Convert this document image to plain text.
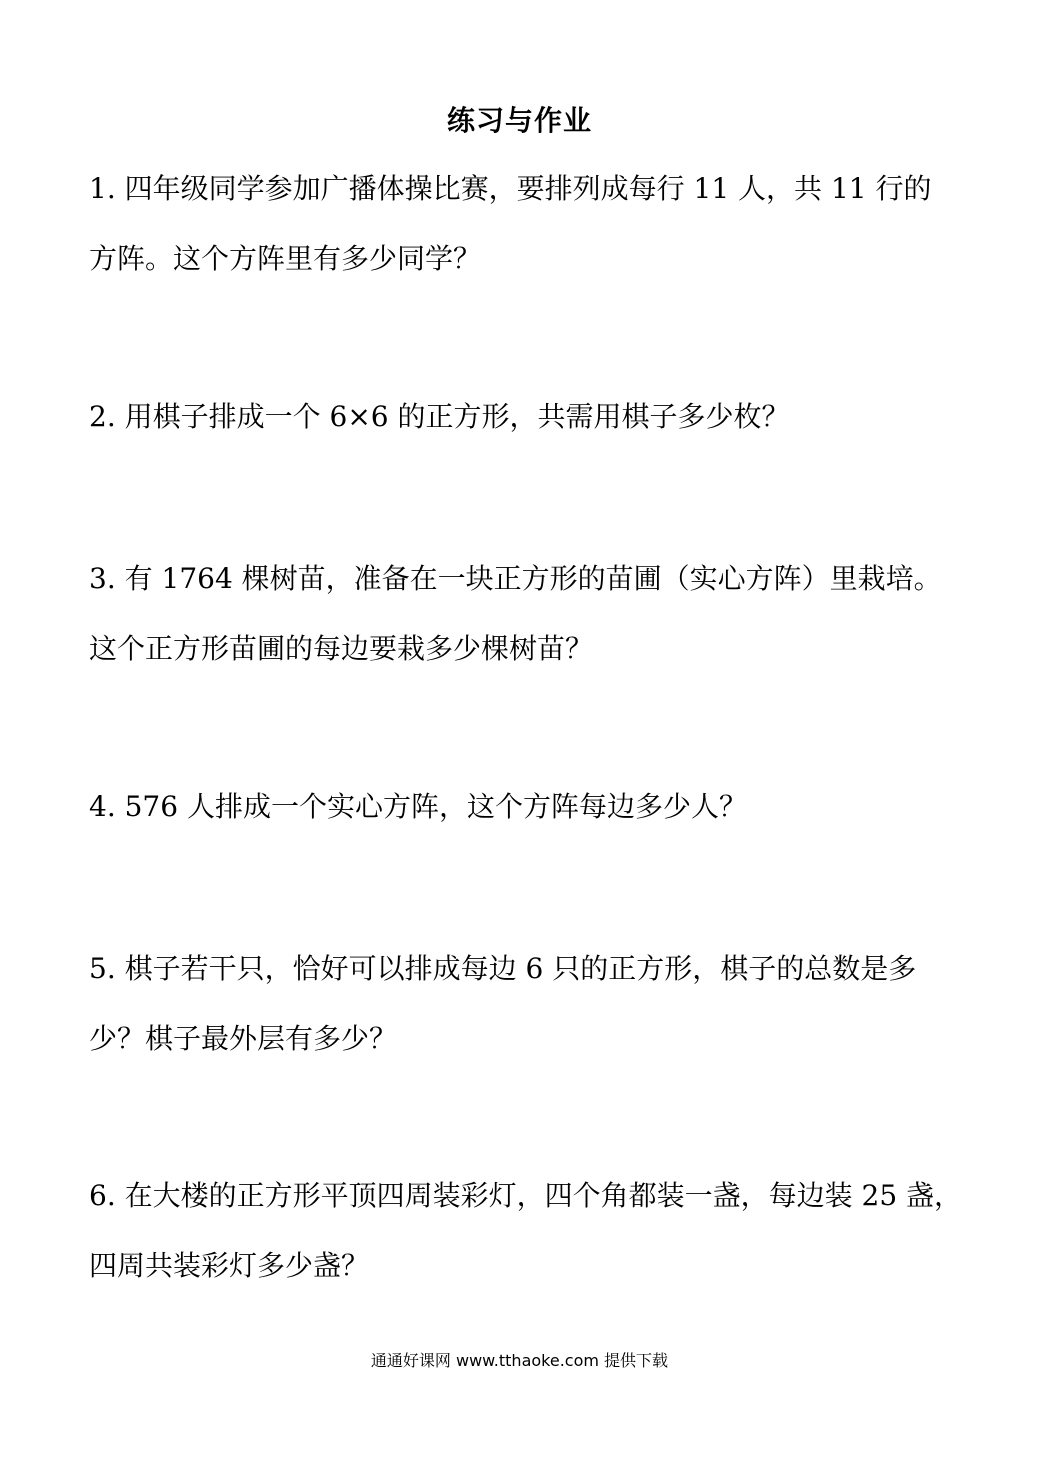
练习与作业

1. 四年级同学参加广播体操比赛，要排列成每行 11 人，共 11 行的
方阵。这个方阵里有多少同学？

2. 用棋子排成一个 6×6 的正方形，共需用棋子多少枚？

3. 有 1764 棵树苗，准备在一块正方形的苗圃（实心方阵）里栽培。
这个正方形苗圃的每边要栽多少棵树苗？

4. 576 人排成一个实心方阵，这个方阵每边多少人？

5. 棋子若干只，恰好可以排成每边 6 只的正方形，棋子的总数是多
少？棋子最外层有多少？

6. 在大楼的正方形平顶四周装彩灯，四个角都装一盏，每边装 25 盏，
四周共装彩灯多少盏？

通通好课网 www.tthaoke.com 提供下载
